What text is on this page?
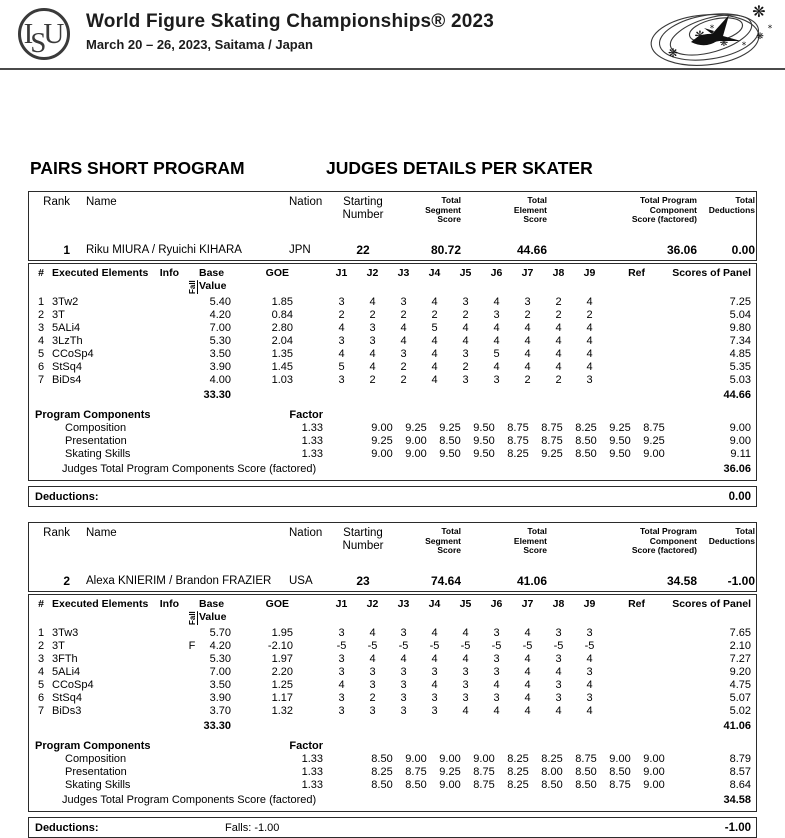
I
S
U World Figure Skating Championships® 2023
March 20 – 26, 2023, Saitama / Japan
❋
❋ ❋
❋
❋
*
*
*
PAIRS SHORT PROGRAM	JUDGES DETAILS PER SKATER
Rank	Name	Nation	Starting Number	Total Segment Score	Total Element Score	Total Program Component Score (factored)	Total Deductions
1	Riku MIURA / Ryuichi KIHARA	JPN	22	80.72	44.66	36.06	0.00
#	Executed Elements	Info	Fall	Base Value	GOE		J1	J2	J3	J4	J5	J6	J7	J8	J9	Ref	Scores of Panel
1	3Tw2			5.40	1.85		3	4	3	4	3	4	3	2	4		7.25
2	3T			4.20	0.84		2	2	2	2	2	3	2	2	2		5.04
3	5ALi4			7.00	2.80		4	3	4	5	4	4	4	4	4		9.80
4	3LzTh			5.30	2.04		3	3	4	4	4	4	4	4	4		7.34
5	CCoSp4			3.50	1.35		4	4	3	4	3	5	4	4	4		4.85
6	StSq4			3.90	1.45		5	4	2	4	2	4	4	4	4		5.35
7	BiDs4			4.00	1.03		3	2	2	4	3	3	2	2	3		5.03
				33.30													44.66
Program Components	Factor											
Composition	1.33		9.00	9.25	9.25	9.50	8.75	8.75	8.25	9.25	8.75	9.00
Presentation	1.33		9.25	9.00	8.50	9.50	8.75	8.75	8.50	9.50	9.25	9.00
Skating Skills	1.33		9.00	9.00	9.50	9.50	8.25	9.25	8.50	9.50	9.00	9.11
Judges Total Program Components Score (factored)												36.06
Deductions:	0.00
Rank	Name	Nation	Starting Number	Total Segment Score	Total Element Score	Total Program Component Score (factored)	Total Deductions
2	Alexa KNIERIM / Brandon FRAZIER	USA	23	74.64	41.06	34.58	-1.00
#	Executed Elements	Info	Fall	Base Value	GOE		J1	J2	J3	J4	J5	J6	J7	J8	J9	Ref	Scores of Panel
1	3Tw3			5.70	1.95		3	4	3	4	4	3	4	3	3		7.65
2	3T		F	4.20	-2.10		-5	-5	-5	-5	-5	-5	-5	-5	-5		2.10
3	3FTh			5.30	1.97		3	4	4	4	4	3	4	3	4		7.27
4	5ALi4			7.00	2.20		3	3	3	3	3	3	4	4	3		9.20
5	CCoSp4			3.50	1.25		4	3	3	4	3	4	4	3	4		4.75
6	StSq4			3.90	1.17		3	2	3	3	3	3	4	3	3		5.07
7	BiDs3			3.70	1.32		3	3	3	3	4	4	4	4	4		5.02
				33.30													41.06
Program Components	Factor											
Composition	1.33		8.50	9.00	9.00	9.00	8.25	8.25	8.75	9.00	9.00	8.79
Presentation	1.33		8.25	8.75	9.25	8.75	8.25	8.00	8.50	8.50	9.00	8.57
Skating Skills	1.33		8.50	8.50	9.00	8.75	8.25	8.50	8.50	8.75	9.00	8.64
Judges Total Program Components Score (factored)												34.58
Deductions:	Falls: -1.00	-1.00
